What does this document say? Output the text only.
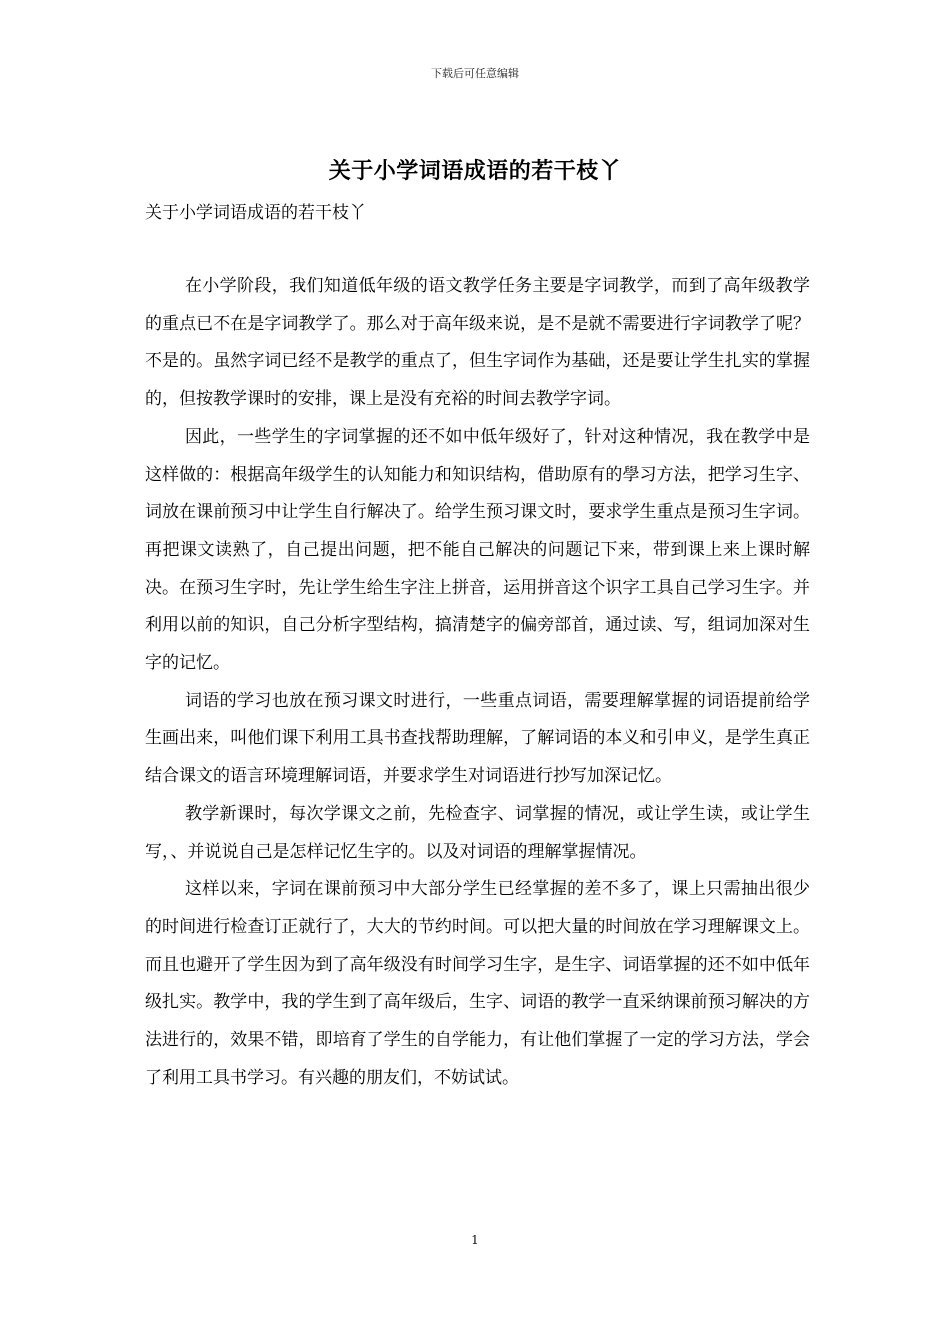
下载后可任意编辑
关于小学词语成语的若干枝丫
关于小学词语成语的若干枝丫

在小学阶段，我们知道低年级的语文教学任务主要是字词教学，而到了高年级教学的重点已不在是字词教学了。那么对于高年级来说，是不是就不需要进行字词教学了呢？不是的。虽然字词已经不是教学的重点了，但生字词作为基础，还是要让学生扎实的掌握的，但按教学课时的安排，课上是没有充裕的时间去教学字词。

因此，一些学生的字词掌握的还不如中低年级好了，针对这种情况，我在教学中是这样做的：根据高年级学生的认知能力和知识结构，借助原有的學习方法，把学习生字、词放在课前预习中让学生自行解决了。给学生预习课文时，要求学生重点是预习生字词。再把课文读熟了，自己提出问题，把不能自己解决的问题记下来，带到课上来上课时解决。在预习生字时，先让学生给生字注上拼音，运用拼音这个识字工具自己学习生字。并利用以前的知识，自己分析字型结构，搞清楚字的偏旁部首，通过读、写，组词加深对生字的记忆。

词语的学习也放在预习课文时进行，一些重点词语，需要理解掌握的词语提前给学生画出来，叫他们课下利用工具书查找帮助理解，了解词语的本义和引申义，是学生真正结合课文的语言环境理解词语，并要求学生对词语进行抄写加深记忆。

教学新课时，每次学课文之前，先检查字、词掌握的情况，或让学生读，或让学生写，、并说说自己是怎样记忆生字的。以及对词语的理解掌握情况。

这样以来，字词在课前预习中大部分学生已经掌握的差不多了，课上只需抽出很少的时间进行检查订正就行了，大大的节约时间。可以把大量的时间放在学习理解课文上。而且也避开了学生因为到了高年级没有时间学习生字，是生字、词语掌握的还不如中低年级扎实。教学中，我的学生到了高年级后，生字、词语的教学一直采纳课前预习解决的方法进行的，效果不错，即培育了学生的自学能力，有让他们掌握了一定的学习方法，学会了利用工具书学习。有兴趣的朋友们，不妨试试。

1
